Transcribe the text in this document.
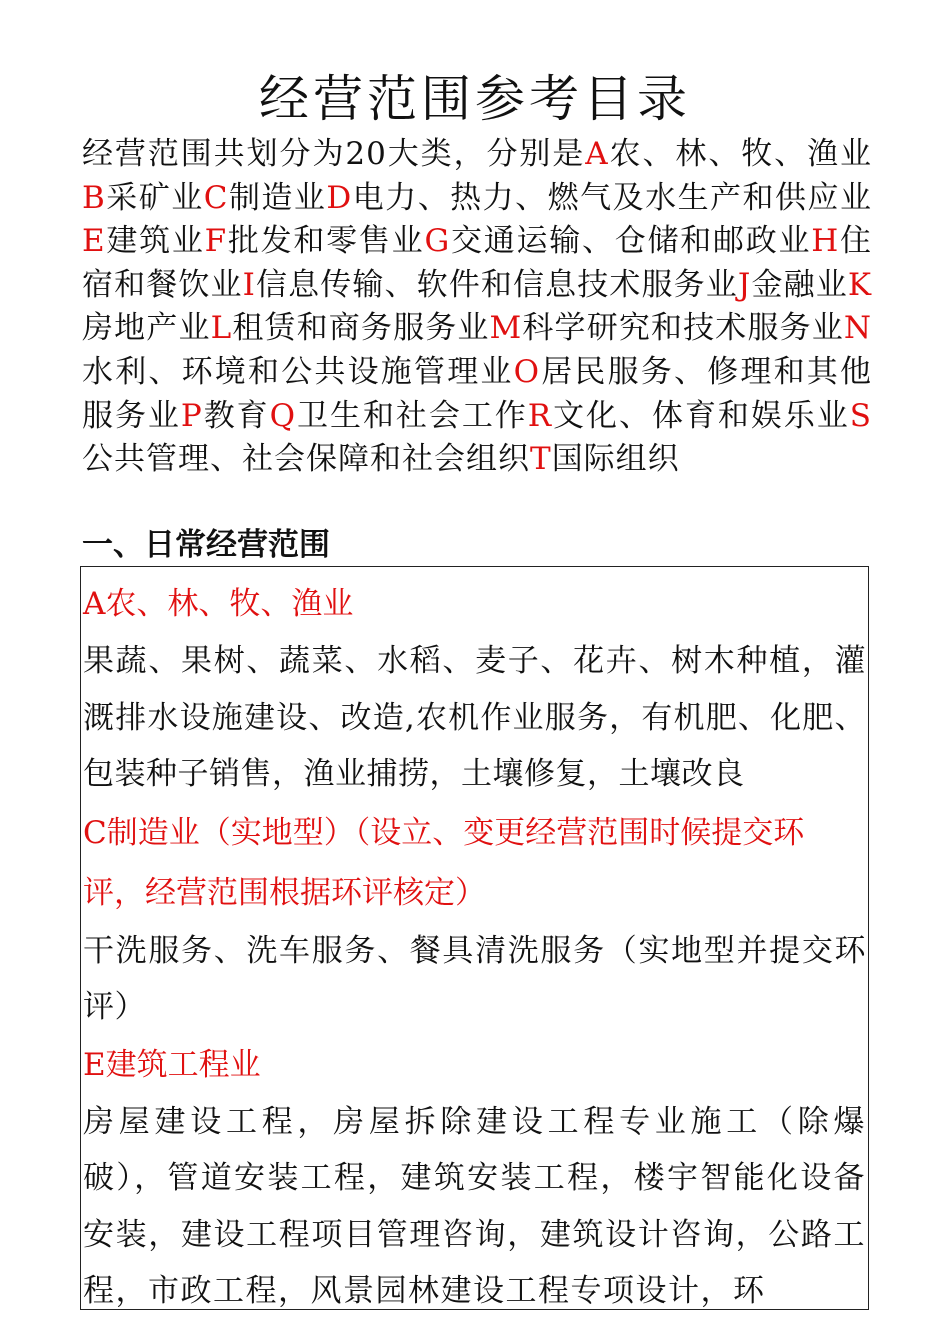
经营范围参考目录

经营范围共划分为20大类，分别是A农、林、牧、渔业B采矿业C制造业D电力、热力、燃气及水生产和供应业E建筑业F批发和零售业G交通运输、仓储和邮政业H住宿和餐饮业I信息传输、软件和信息技术服务业J金融业K房地产业L租赁和商务服务业M科学研究和技术服务业N水利、环境和公共设施管理业O居民服务、修理和其他服务业P教育Q卫生和社会工作R文化、体育和娱乐业S公共管理、社会保障和社会组织T国际组织

一、日常经营范围

A农、林、牧、渔业

果蔬、果树、蔬菜、水稻、麦子、花卉、树木种植，灌溉排水设施建设、改造,农机作业服务，有机肥、化肥、包装种子销售，渔业捕捞，土壤修复，土壤改良

C制造业（实地型）（设立、变更经营范围时候提交环评，经营范围根据环评核定）

干洗服务、洗车服务、餐具清洗服务（实地型并提交环评）

E建筑工程业

房屋建设工程，房屋拆除建设工程专业施工（除爆破），管道安装工程，建筑安装工程，楼宇智能化设备安装，建设工程项目管理咨询，建筑设计咨询，公路工程，市政工程，风景园林建设工程专项设计，环
